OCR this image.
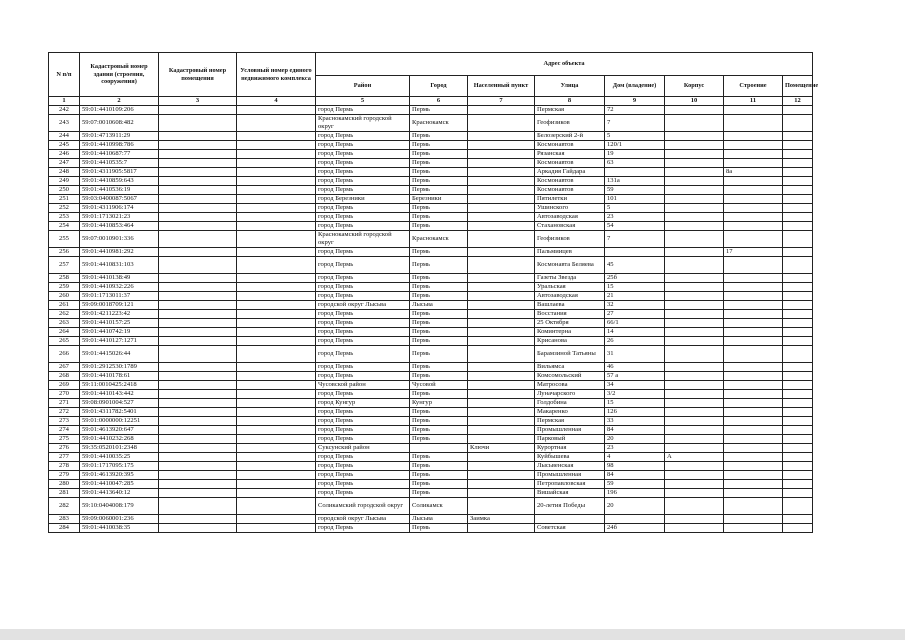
N п/п	Кадастровый номер здания (строения, сооружения)	Кадастровый номер помещения	Условный номер единого недвижимого комплекса	Адрес объекта							
				Район	Город	Населенный пункт	Улица	Дом (владение)	Корпус	Строение	Помещение
1	2	3	4	5	6	7	8	9	10	11	12
242	59:01:4410109:206			город Пермь	Пермь		Пермская	72			
243	59:07:0010608:482			Краснокамский городской округ	Краснокамск		Геофизиков	7			
244	59:01:4713911:29			город Пермь	Пермь		Белозерский 2-й	5			
245	59:01:4410998:786			город Пермь	Пермь		Космонавтов	120/1			
246	59:01:4410687:77			город Пермь	Пермь		Рязанская	19			
247	59:01:4410535:7			город Пермь	Пермь		Космонавтов	63			
248	59:01:4311905:5817			город Пермь	Пермь		Аркадия Гайдара			8а	
249	59:01:4410859:643			город Пермь	Пермь		Космонавтов	131а			
250	59:01:4410536:19			город Пермь	Пермь		Космонавтов	59			
251	59:03:0400087:5067			город Березники	Березники		Пятилетки	101			
252	59:01:4311906:174			город Пермь	Пермь		Ушинского	5			
253	59:01:1713021:23			город Пермь	Пермь		Автозаводская	23			
254	59:01:4410853:464			город Пермь	Пермь		Стахановская	54			
255	59:07:0010901:336			Краснокамский городской округ	Краснокамск		Геофизиков	7			
256	59:01:4410981:292			город Пермь	Пермь		Пальмиицев			17	
257	59:01:4410831:103			город Пермь	Пермь		Космонавта Беляева	45			
258	59:01:4410138:49			город Пермь	Пермь		Газеты Звезда	25б			
259	59:01:4410932:226			город Пермь	Пермь		Уральская	15			
260	59:01:1713011:37			город Пермь	Пермь		Автозаводская	21			
261	59:09:0018709:121			городской округ Лысьва	Лысьва		Вашлаева	32			
262	59:01:4211223:42			город Пермь	Пермь		Восстания	27			
263	59:01:4410157:25			город Пермь	Пермь		25 Октября	66/1			
264	59:01:4410742:19			город Пермь	Пермь		Коминтерна	14			
265	59:01:4410127:1271			город Пермь	Пермь		Крисанова	26			
266	59:01:4415026:44			город Пермь	Пермь		Барамзиной Татьяны	31			
267	59:01:2912530:1789			город Пермь	Пермь		Вильямса	46			
268	59:01:4410178:61			город Пермь	Пермь		Комсомольский	57 а			
269	59:11:0010425:2418			Чусовской район	Чусовой		Матросова	34			
270	59:01:4410143:442			город Пермь	Пермь		Луначарского	3/2			
271	59:08:0901004:527			город Кунгур	Кунгур		Голдобина	15			
272	59:01:4311782:5401			город Пермь	Пермь		Макаренко	126			
273	59:01:0000000:12251			город Пермь	Пермь		Пермская	33			
274	59:01:4613920:647			город Пермь	Пермь		Промышленная	84			
275	59:01:4410232:268			город Пермь	Пермь		Парковый	20			
276	59:35:0520101:2348			Суксунский район		Ключи	Курортная	23			
277	59:01:4410035:25			город Пермь	Пермь		Куйбышева	4	А		
278	59:01:1717095:175			город Пермь	Пермь		Лысьвенская	98			
279	59:01:4613920:395			город Пермь	Пермь		Промышленная	84			
280	59:01:4410047:285			город Пермь	Пермь		Петропавловская	59			
281	59:01:4413640:12			город Пермь	Пермь		Вишайская	196			
282	59:10:0404008:179			Соликамский городской округ	Соликамск		20-летия Победы	20			
283	59:09:0060001:236			городской округ Лысьва	Лысьва	Заимка					
284	59:01:4410038:35			город Пермь	Пермь		Советская	24б			
